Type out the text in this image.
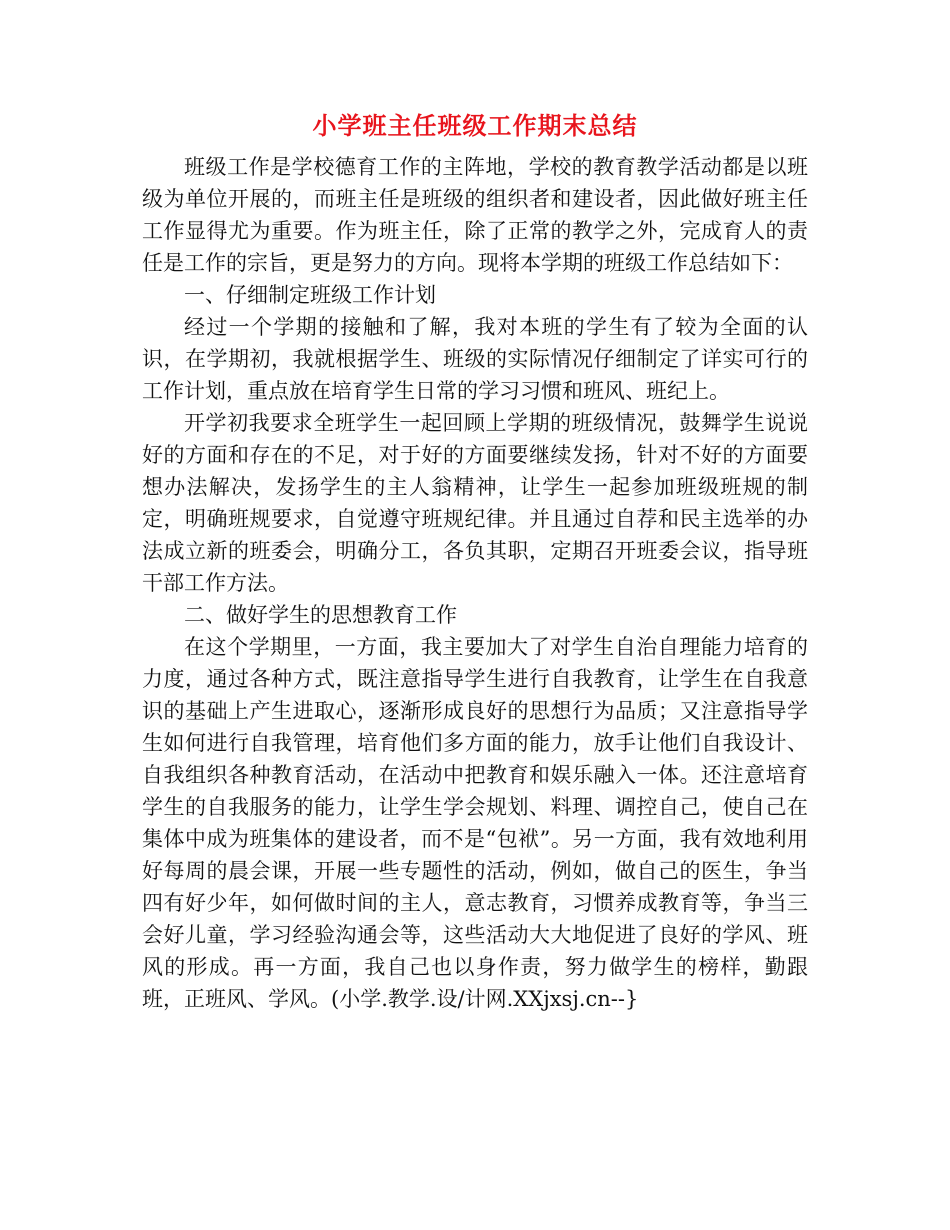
小学班主任班级工作期末总结

班级工作是学校德育工作的主阵地，学校的教育教学活动都是以班级为单位开展的，而班主任是班级的组织者和建设者，因此做好班主任工作显得尤为重要。作为班主任，除了正常的教学之外，完成育人的责任是工作的宗旨，更是努力的方向。现将本学期的班级工作总结如下：

一、仔细制定班级工作计划

经过一个学期的接触和了解，我对本班的学生有了较为全面的认识，在学期初，我就根据学生、班级的实际情况仔细制定了详实可行的工作计划，重点放在培育学生日常的学习习惯和班风、班纪上。

开学初我要求全班学生一起回顾上学期的班级情况，鼓舞学生说说好的方面和存在的不足，对于好的方面要继续发扬，针对不好的方面要想办法解决，发扬学生的主人翁精神，让学生一起参加班级班规的制定，明确班规要求，自觉遵守班规纪律。并且通过自荐和民主选举的办法成立新的班委会，明确分工，各负其职，定期召开班委会议，指导班干部工作方法。

二、做好学生的思想教育工作

在这个学期里，一方面，我主要加大了对学生自治自理能力培育的力度，通过各种方式，既注意指导学生进行自我教育，让学生在自我意识的基础上产生进取心，逐渐形成良好的思想行为品质；又注意指导学生如何进行自我管理，培育他们多方面的能力，放手让他们自我设计、自我组织各种教育活动，在活动中把教育和娱乐融入一体。还注意培育学生的自我服务的能力，让学生学会规划、料理、调控自己，使自己在集体中成为班集体的建设者，而不是“包袱”。另一方面，我有效地利用好每周的晨会课，开展一些专题性的活动，例如，做自己的医生，争当四有好少年，如何做时间的主人，意志教育，习惯养成教育等，争当三会好儿童，学习经验沟通会等，这些活动大大地促进了良好的学风、班风的形成。再一方面，我自己也以身作责，努力做学生的榜样，勤跟班，正班风、学风。(小学.教学.设/计网.XXjxsj.cn--}
